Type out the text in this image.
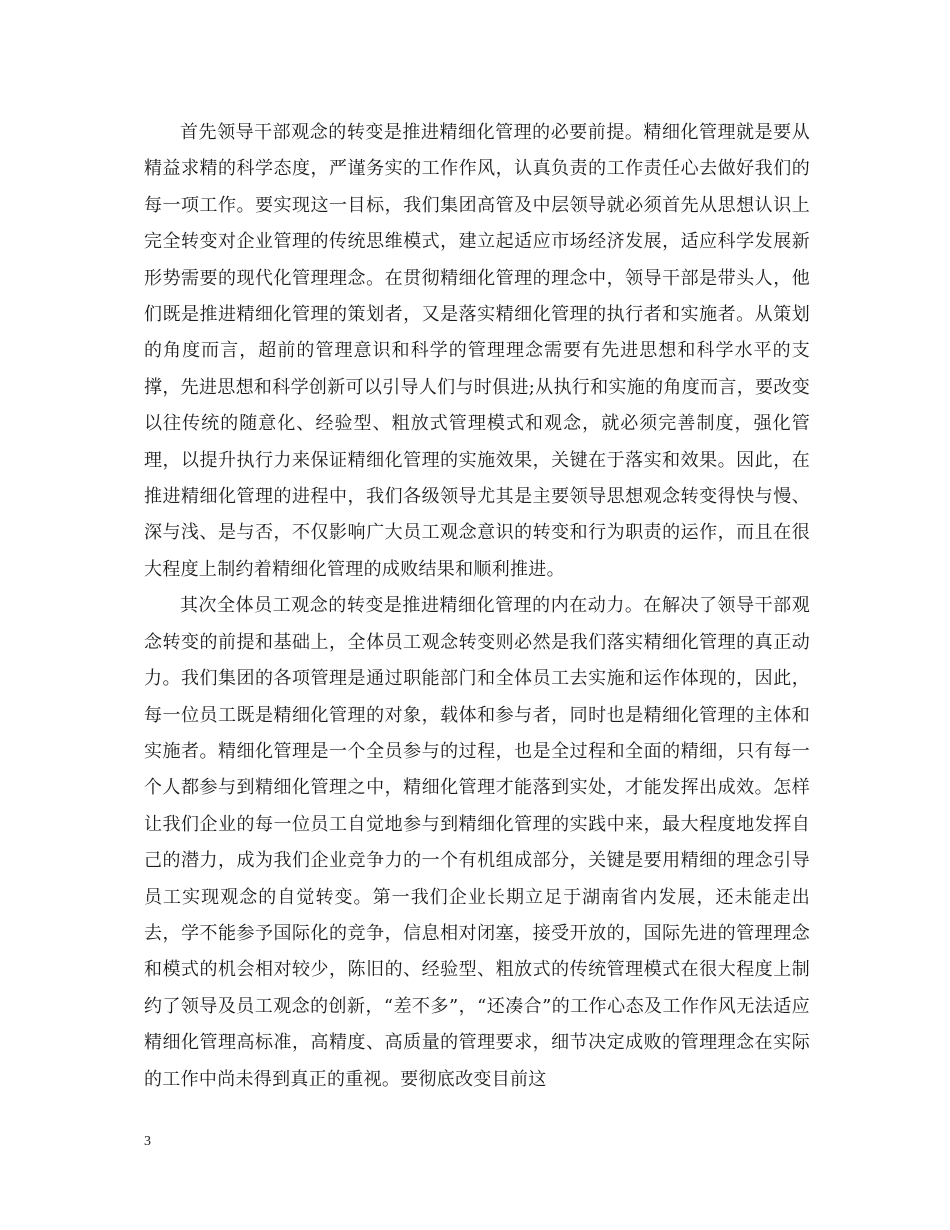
首先领导干部观念的转变是推进精细化管理的必要前提。精细化管理就是要从精益求精的科学态度，严谨务实的工作作风，认真负责的工作责任心去做好我们的每一项工作。要实现这一目标，我们集团高管及中层领导就必须首先从思想认识上完全转变对企业管理的传统思维模式，建立起适应市场经济发展，适应科学发展新形势需要的现代化管理理念。在贯彻精细化管理的理念中，领导干部是带头人，他们既是推进精细化管理的策划者，又是落实精细化管理的执行者和实施者。从策划的角度而言，超前的管理意识和科学的管理理念需要有先进思想和科学水平的支撑，先进思想和科学创新可以引导人们与时俱进;从执行和实施的角度而言，要改变以往传统的随意化、经验型、粗放式管理模式和观念，就必须完善制度，强化管理，以提升执行力来保证精细化管理的实施效果，关键在于落实和效果。因此，在推进精细化管理的进程中，我们各级领导尤其是主要领导思想观念转变得快与慢、深与浅、是与否，不仅影响广大员工观念意识的转变和行为职责的运作，而且在很大程度上制约着精细化管理的成败结果和顺利推进。

其次全体员工观念的转变是推进精细化管理的内在动力。在解决了领导干部观念转变的前提和基础上，全体员工观念转变则必然是我们落实精细化管理的真正动力。我们集团的各项管理是通过职能部门和全体员工去实施和运作体现的，因此，每一位员工既是精细化管理的对象，载体和参与者，同时也是精细化管理的主体和实施者。精细化管理是一个全员参与的过程，也是全过程和全面的精细，只有每一个人都参与到精细化管理之中，精细化管理才能落到实处，才能发挥出成效。怎样让我们企业的每一位员工自觉地参与到精细化管理的实践中来，最大程度地发挥自己的潜力，成为我们企业竞争力的一个有机组成部分，关键是要用精细的理念引导员工实现观念的自觉转变。第一我们企业长期立足于湖南省内发展，还未能走出去，学不能参予国际化的竞争，信息相对闭塞，接受开放的，国际先进的管理理念和模式的机会相对较少，陈旧的、经验型、粗放式的传统管理模式在很大程度上制约了领导及员工观念的创新，“差不多”，“还凑合”的工作心态及工作作风无法适应精细化管理高标准，高精度、高质量的管理要求，细节决定成败的管理理念在实际的工作中尚未得到真正的重视。要彻底改变目前这

3
